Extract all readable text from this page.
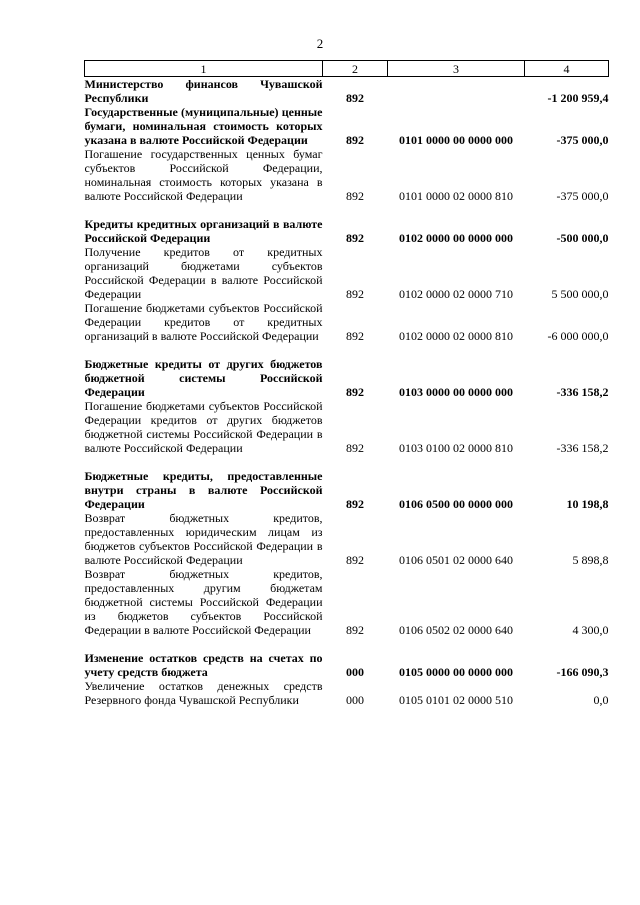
2
1	2	3	4
Министерство финансов Чувашской Республики	892		-1 200 959,4
Государственные (муниципальные) ценные бумаги, номинальная стоимость которых указана в валюте Российской Федерации	892	0101 0000 00 0000 000	-375 000,0
Погашение государственных ценных бумаг субъектов Российской Федерации, номинальная стоимость которых указана в валюте Российской Федерации	892	0101 0000 02 0000 810	-375 000,0

Кредиты кредитных организаций в валюте Российской Федерации	892	0102 0000 00 0000 000	-500 000,0
Получение кредитов от кредитных организаций бюджетами субъектов Российской Федерации в валюте Российской Федерации	892	0102 0000 02 0000 710	5 500 000,0
Погашение бюджетами субъектов Российской Федерации кредитов от кредитных организаций в валюте Российской Федерации	892	0102 0000 02 0000 810	-6 000 000,0

Бюджетные кредиты от других бюджетов бюджетной системы Российской Федерации	892	0103 0000 00 0000 000	-336 158,2
Погашение бюджетами субъектов Российской Федерации кредитов от других бюджетов бюджетной системы Российской Федерации в валюте Российской Федерации	892	0103 0100 02 0000 810	-336 158,2

Бюджетные кредиты, предоставленные внутри страны в валюте Российской Федерации	892	0106 0500 00 0000 000	10 198,8
Возврат бюджетных кредитов, предоставленных юридическим лицам из бюджетов субъектов Российской Федерации в валюте Российской Федерации	892	0106 0501 02 0000 640	5 898,8
Возврат бюджетных кредитов, предоставленных другим бюджетам бюджетной системы Российской Федерации из бюджетов субъектов Российской Федерации в валюте Российской Федерации	892	0106 0502 02 0000 640	4 300,0

Изменение остатков средств на счетах по учету средств бюджета	000	0105 0000 00 0000 000	-166 090,3
Увеличение остатков денежных средств Резервного фонда Чувашской Республики	000	0105 0101 02 0000 510	0,0
